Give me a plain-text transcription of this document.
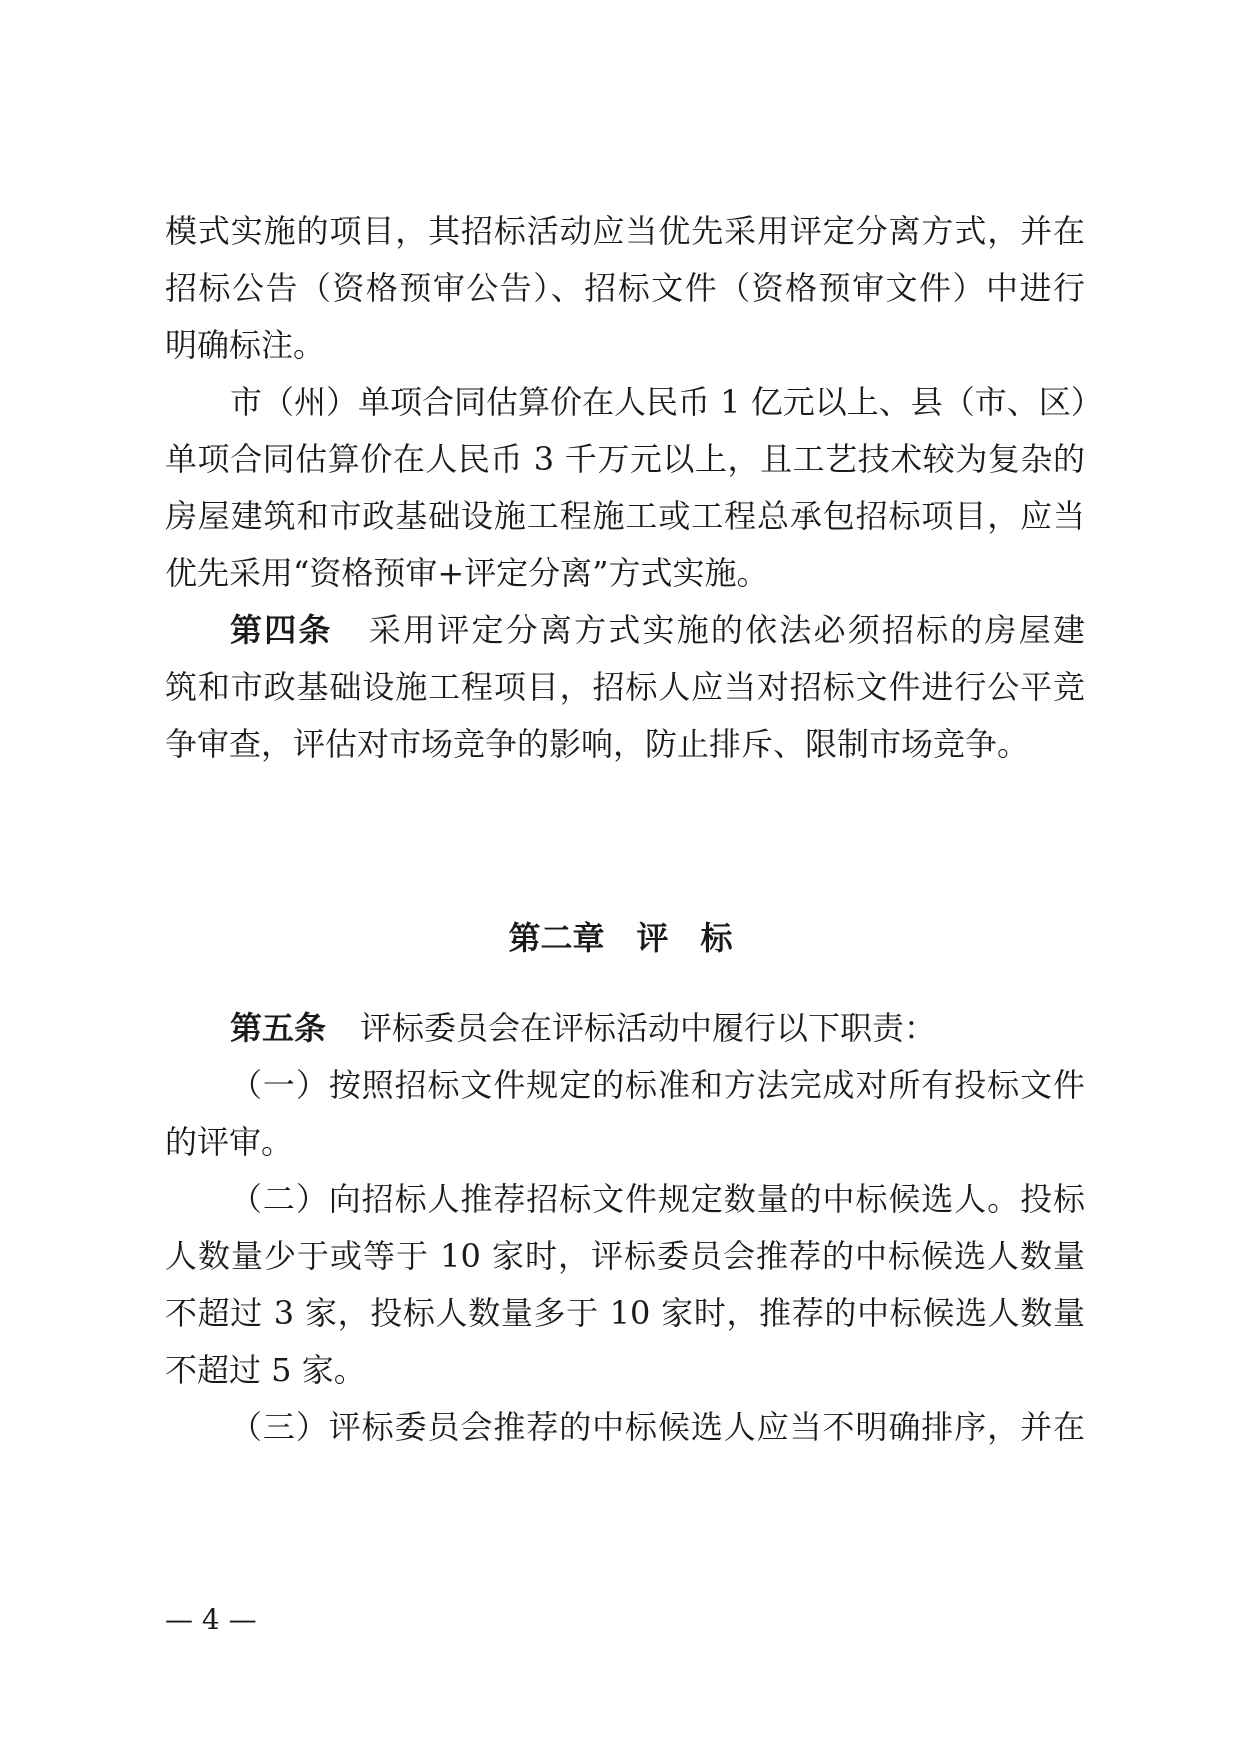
模式实施的项目，其招标活动应当优先采用评定分离方式，并在
招标公告（资格预审公告）、招标文件（资格预审文件）中进行
明确标注。
市（州）单项合同估算价在人民币 1 亿元以上、县（市、区）
单项合同估算价在人民币 3 千万元以上，且工艺技术较为复杂的
房屋建筑和市政基础设施工程施工或工程总承包招标项目，应当
优先采用“资格预审+评定分离”方式实施。
第四条 采用评定分离方式实施的依法必须招标的房屋建
筑和市政基础设施工程项目，招标人应当对招标文件进行公平竞
争审查，评估对市场竞争的影响，防止排斥、限制市场竞争。
第二章　评　标
第五条 评标委员会在评标活动中履行以下职责：
（一）按照招标文件规定的标准和方法完成对所有投标文件
的评审。
（二）向招标人推荐招标文件规定数量的中标候选人。投标
人数量少于或等于 10 家时，评标委员会推荐的中标候选人数量
不超过 3 家，投标人数量多于 10 家时，推荐的中标候选人数量
不超过 5 家。
（三）评标委员会推荐的中标候选人应当不明确排序，并在
— 4 —
